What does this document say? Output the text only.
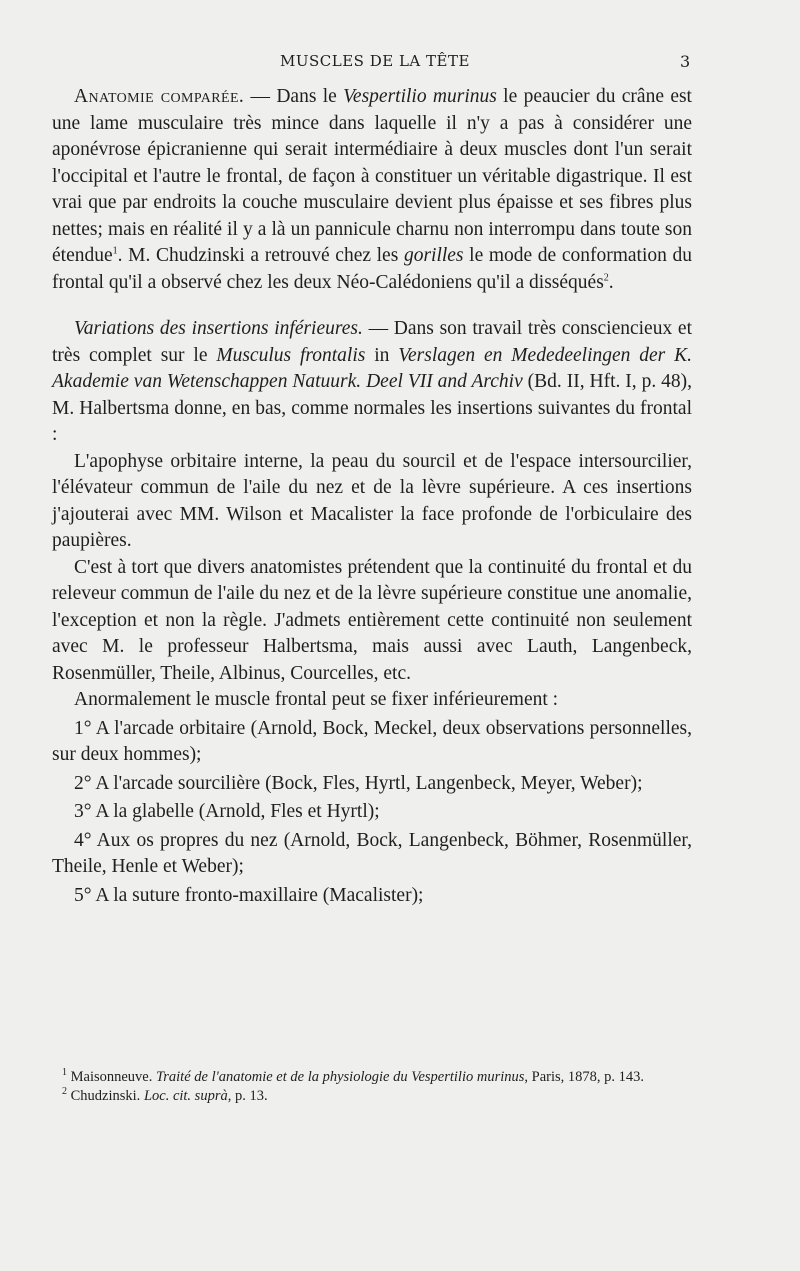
MUSCLES DE LA TÊTE	3

Anatomie comparée. — Dans le Vespertilio murinus le peaucier du crâne est une lame musculaire très mince dans laquelle il n'y a pas à considérer une aponévrose épicranienne qui serait intermédiaire à deux muscles dont l'un serait l'occipital et l'autre le frontal, de façon à constituer un véritable digastrique. Il est vrai que par endroits la couche musculaire devient plus épaisse et ses fibres plus nettes; mais en réalité il y a là un pannicule charnu non interrompu dans toute son étendue$^1$. M. Chudzinski a retrouvé chez les gorilles le mode de conformation du frontal qu'il a observé chez les deux Néo-Calédoniens qu'il a disséqués$^2$.

Variations des insertions inférieures. — Dans son travail très consciencieux et très complet sur le Musculus frontalis in Verslagen en Mededeelingen der K. Akademie van Wetenschappen Natuurk. Deel VII and Archiv (Bd. II, Hft. I, p. 48), M. Halbertsma donne, en bas, comme normales les insertions suivantes du frontal :

L'apophyse orbitaire interne, la peau du sourcil et de l'espace intersourcilier, l'élévateur commun de l'aile du nez et de la lèvre supérieure. A ces insertions j'ajouterai avec MM. Wilson et Macalister la face profonde de l'orbiculaire des paupières.

C'est à tort que divers anatomistes prétendent que la continuité du frontal et du releveur commun de l'aile du nez et de la lèvre supérieure constitue une anomalie, l'exception et non la règle. J'admets entièrement cette continuité non seulement avec M. le professeur Halbertsma, mais aussi avec Lauth, Langenbeck, Rosenmüller, Theile, Albinus, Courcelles, etc.

Anormalement le muscle frontal peut se fixer inférieurement :

1° A l'arcade orbitaire (Arnold, Bock, Meckel, deux observations personnelles, sur deux hommes);

2° A l'arcade sourcilière (Bock, Fles, Hyrtl, Langenbeck, Meyer, Weber);

3° A la glabelle (Arnold, Fles et Hyrtl);

4° Aux os propres du nez (Arnold, Bock, Langenbeck, Böhmer, Rosenmüller, Theile, Henle et Weber);

5° A la suture fronto-maxillaire (Macalister);

$^1$ Maisonneuve. Traité de l'anatomie et de la physiologie du Vespertilio murinus, Paris, 1878, p. 143.

$^2$ Chudzinski. Loc. cit. suprà, p. 13.
